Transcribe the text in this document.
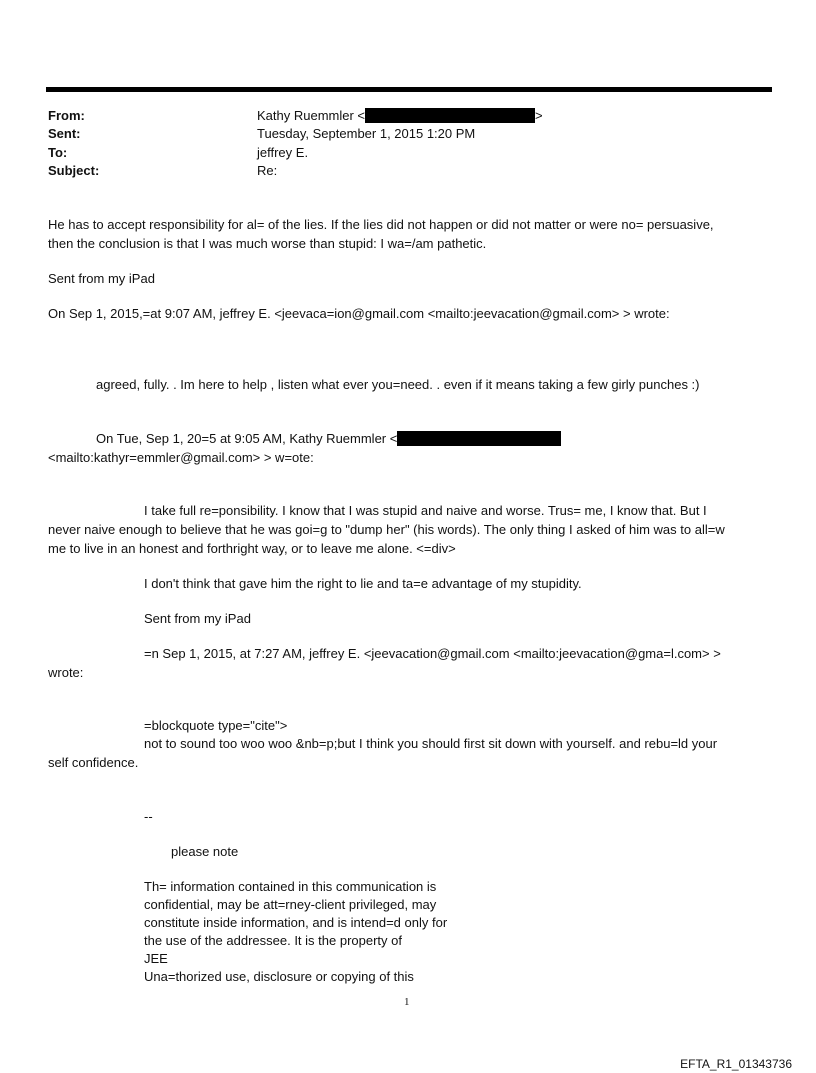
From:	Kathy Ruemmler <	>
Sent:	Tuesday, September 1, 2015 1:20 PM
To:	jeffrey E.
Subject:	Re:
He has to accept responsibility for al= of the lies. If the lies did not happen or did not matter or were no= persuasive,
then the conclusion is that I was much worse than stupid: I wa=/am pathetic.
Sent from my iPad
On Sep 1, 2015,=at 9:07 AM, jeffrey E. <jeevaca=ion@gmail.com <mailto:jeevacation@gmail.com> > wrote:
agreed, fully. . Im here to help , listen what ever you=need. . even if it means taking a few girly punches :)
On Tue, Sep 1, 20=5 at 9:05 AM, Kathy Ruemmler <
<mailto:kathyr=emmler@gmail.com> > w=ote:
I take full re=ponsibility. I know that I was stupid and naive and worse. Trus= me, I know that. But I
never naive enough to believe that he was goi=g to "dump her" (his words). The only thing I asked of him was to all=w
me to live in an honest and forthright way, or to leave me alone. <=div>
I don't think that gave him the right to lie and ta=e advantage of my stupidity.
Sent from my iPad
=n Sep 1, 2015, at 7:27 AM, jeffrey E. <jeevacation@gmail.com <mailto:jeevacation@gma=l.com> >
wrote:
=blockquote type="cite">
not to sound too woo woo &nb=p;but I think you should first sit down with yourself. and rebu=ld your
self confidence.
--
please note
Th= information contained in this communication is
confidential, may be att=rney-client privileged, may
constitute inside information, and is intend=d only for
the use of the addressee. It is the property of
JEE
Una=thorized use, disclosure or copying of this
1
EFTA_R1_01343736
